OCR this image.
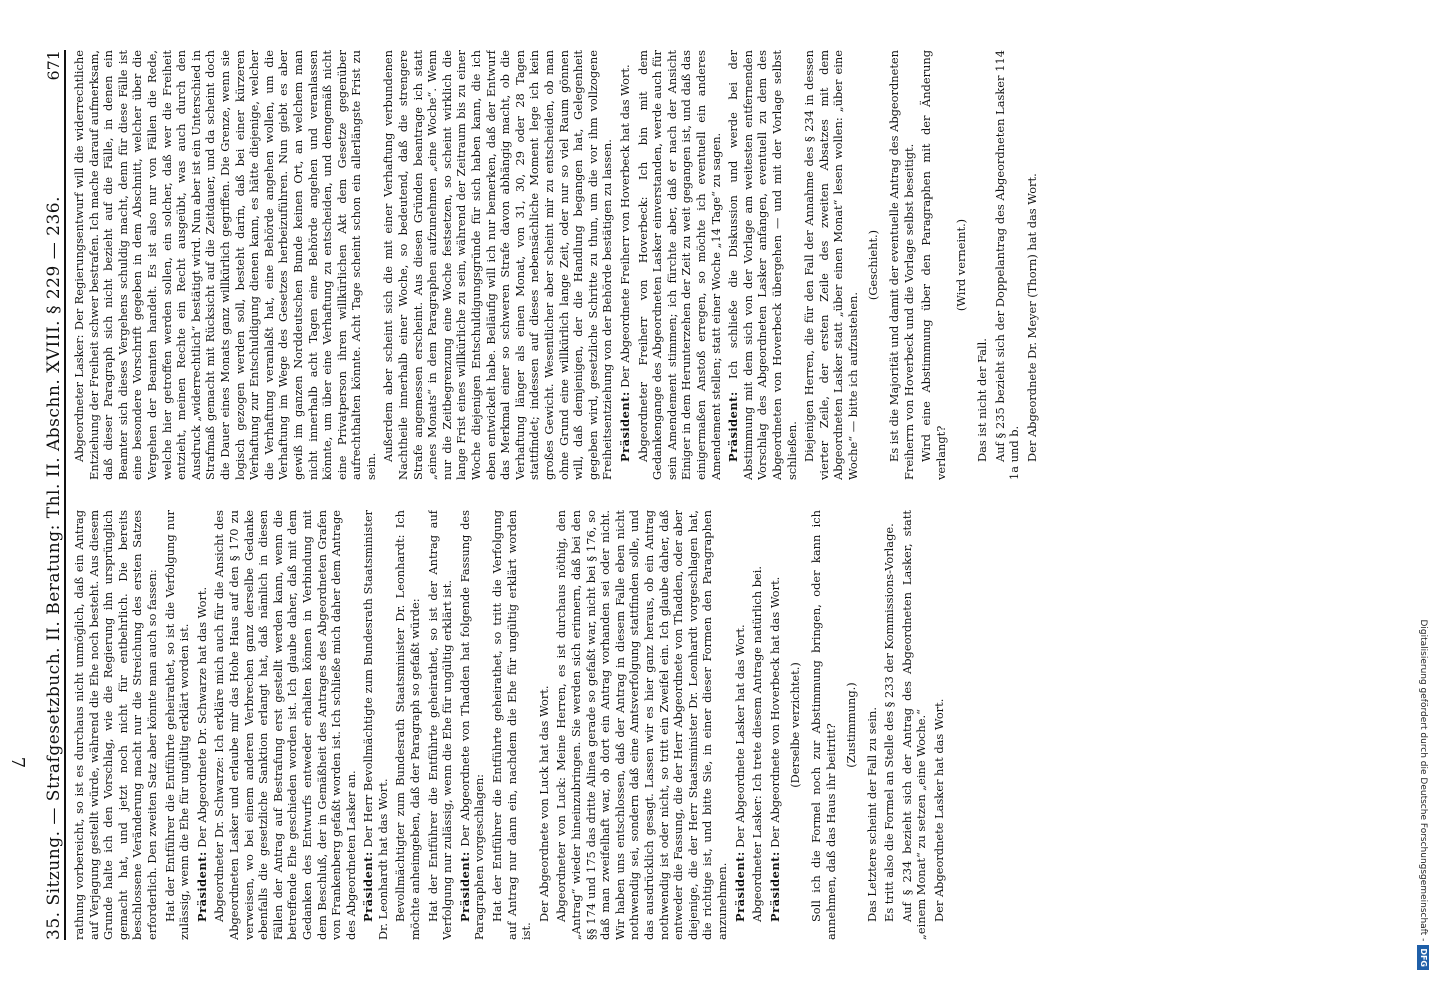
35. Sitzung. — Strafgesetzbuch. II. Beratung: Thl. II. Abschn. XVIII. § 229 — 236.
671

rathung vorbereicht, so ist es durchaus nicht unmöglich, daß ein Antrag auf Verjagung gestellt würde, während die Ehe noch besteht. Aus diesem Grunde halte ich den Vorschlag, wie die Regierung ihn ursprünglich gemacht hat, und jetzt noch nicht für entbehrlich. Die bereits beschlossene Veränderung macht nur die Streichung des ersten Satzes erforderlich. Den zweiten Satz aber könnte man auch so fassen: Hat der Entführer die Entführte geheirathet, so ist die Verfolgung nur zulässig, wenn die Ehe für ungültig erklärt worden ist. Präsident: Der Abgeordnete Dr. Schwarze hat das Wort. Abgeordneter Dr. Schwarze: Ich erkläre mich auch für die Ansicht des Abgeordneten Lasker und erlaube mir das Hohe Haus auf den § 170 zu verweisen, wo bei einem anderen Verbrechen ganz derselbe Gedanke ebenfalls die gesetzliche Sanktion erlangt hat, daß nämlich in diesen Fällen der Antrag auf Bestrafung erst gestellt werden kann, wenn die betreffende Ehe geschieden worden ist. Ich glaube daher, daß mit dem Gedanken des Entwurfs entweder erhalten können in Verbindung mit dem Beschluß, der in Gemäßheit des Antrages des Abgeordneten Grafen von Frankenberg gefaßt worden ist. Ich schließe mich daher dem Antrage des Abgeordneten Lasker an. Präsident: Der Herr Bevollmächtigte zum Bundesrath Staatsminister Dr. Leonhardt hat das Wort. Bevollmächtigter zum Bundesrath Staatsminister Dr. Leonhardt: Ich möchte anheimgeben, daß der Paragraph so gefaßt würde: Hat der Entführer die Entführte geheirathet, so ist der Antrag auf Verfolgung nur zulässig, wenn die Ehe für ungültig erklärt ist. Präsident: Der Abgeordnete von Thadden hat folgende Fassung des Paragraphen vorgeschlagen: Hat der Entführer die Entführte geheirathet, so tritt die Verfolgung auf Antrag nur dann ein, nachdem die Ehe für ungültig erklärt worden ist.

Der Abgeordnete von Luck hat das Wort. Abgeordneter von Luck: Meine Herren, es ist durchaus nöthig, den „Antrag“ wieder hineinzubringen. Sie werden sich erinnern, daß bei den §§ 174 und 175 das dritte Alinea gerade so gefaßt war, nicht bei § 176, so daß man zweifelhaft war, ob dort ein Antrag vorhanden sei oder nicht. Wir haben uns entschlossen, daß der Antrag in diesem Falle eben nicht nothwendig sei, sondern daß eine Amtsverfolgung stattfinden solle, und das ausdrücklich gesagt. Lassen wir es hier ganz heraus, ob ein Antrag nothwendig ist oder nicht, so tritt ein Zweifel ein. Ich glaube daher, daß entweder die Fassung, die der Herr Abgeordnete von Thadden, oder aber diejenige, die der Herr Staatsminister Dr. Leonhardt vorgeschlagen hat, die richtige ist, und bitte Sie, in einer dieser Formen den Paragraphen anzunehmen. Präsident: Der Abgeordnete Lasker hat das Wort. Abgeordneter Lasker: Ich trete diesem Antrage natürlich bei. Präsident: Der Abgeordnete von Hoverbeck hat das Wort. (Derselbe verzichtet.) Soll ich die Formel noch zur Abstimmung bringen, oder kann ich annehmen, daß das Haus ihr beitritt? (Zustimmung.) Das Letztere scheint der Fall zu sein. Es tritt also die Formel an Stelle des § 233 der Kommissions-Vorlage. Auf § 234 bezieht sich der Antrag des Abgeordneten Lasker, statt „einem Monat“ zu setzen „eine Woche.“ Der Abgeordnete Lasker hat das Wort.

Abgeordneter Lasker: Der Regierungsentwurf will die widerrechtliche Entziehung der Freiheit schwer bestrafen. Ich mache darauf aufmerksam, daß dieser Paragraph sich nicht bezieht auf die Fälle, in denen ein Beamter sich dieses Vergehens schuldig macht, denn für diese Fälle ist eine besondere Vorschrift gegeben in dem Abschnitt, welcher über die Vergehen der Beamten handelt. Es ist also nur von Fällen die Rede, welche hier getroffen werden sollen, ein solcher, daß wer die Freiheit entzieht, meinen Rechte ein Recht ausgeübt, was auch durch den Ausdruck „widerrechtlich“ bestätigt wird. Nun aber ist ein Unterschied in Strafmaß gemacht mit Rücksicht auf die Zeitdauer, und da scheint doch die Dauer eines Monats ganz willkürlich gegriffen. Die Grenze, wenn sie logisch gezogen werden soll, besteht darin, daß bei einer kürzeren Verhaftung zur Entschuldigung dienen kann, es hätte diejenige, welcher die Verhaftung veranlaßt hat, eine Behörde angehen wollen, um die Verhaftung im Wege des Gesetzes herbeizuführen. Nun giebt es aber gewiß im ganzen Norddeutschen Bunde keinen Ort, an welchem man nicht innerhalb acht Tagen eine Behörde angehen und veranlassen könnte, um über eine Verhaftung zu entscheiden, und demgemäß nicht eine Privatperson ihren willkürlichen Akt dem Gesetze gegenüber aufrechthalten könnte. Acht Tage scheint schon ein allerlängste Frist zu sein.

Außerdem aber scheint sich die mit einer Verhaftung verbundenen Nachtheile innerhalb einer Woche, so bedeutend, daß die strengere Strafe angemessen erscheint. Aus diesen Gründen beantrage ich statt „eines Monats“ in dem Paragraphen aufzunehmen „eine Woche“. Wenn nur die Zeitbegrenzung eine Woche festsetzen, so scheint wirklich die lange Frist eines willkürliche zu sein, während der Zeitraum bis zu einer Woche diejenigen Entschuldigungsgründe für sich haben kann, die ich eben entwickelt habe. Beiläufig will ich nur bemerken, daß der Entwurf das Merkmal einer so schweren Strafe davon abhängig macht, ob die Verhaftung länger als einen Monat, von 31, 30, 29 oder 28 Tagen stattfindet; indessen auf dieses nebensächliche Moment lege ich kein großes Gewicht. Wesentlicher aber scheint mir zu entscheiden, ob man ohne Grund eine willkürlich lange Zeit, oder nur so viel Raum gönnen will, daß demjenigen, der die Handlung begangen hat, Gelegenheit gegeben wird, gesetzliche Schritte zu thun, um die vor ihm vollzogene Freiheitsentziehung von der Behörde bestätigen zu lassen. Präsident: Der Abgeordnete Freiherr von Hoverbeck hat das Wort. Abgeordneter Freiherr von Hoverbeck: Ich bin mit dem Gedankengange des Abgeordneten Lasker einverstanden, werde auch für sein Amendement stimmen; ich fürchte aber, daß er nach der Ansicht Einiger in dem Herunterzehen der Zeit zu weit gegangen ist, und daß das einigermaßen Anstoß erregen, so möchte ich eventuell ein anderes Amendement stellen; statt einer Woche „14 Tage“ zu sagen. Präsident: Ich schließe die Diskussion und werde bei der Abstimmung mit dem sich von der Vorlage am weitesten entfernenden Vorschlag des Abgeordneten Lasker anfangen, eventuell zu dem des Abgeordneten von Hoverbeck übergehen — und mit der Vorlage selbst schließen. Diejenigen Herren, die für den Fall der Annahme des § 234 in dessen vierter Zeile, der ersten Zeile des zweiten Absatzes mit dem Abgeordneten Lasker statt „über einen Monat“ lesen wollen: „über eine Woche“ — bitte ich aufzustehen.

(Geschieht.) Es ist die Majorität und damit der eventuelle Antrag des Abgeordneten Freiherrn von Hoverbeck und die Vorlage selbst beseitigt. Wird eine Abstimmung über den Paragraphen mit der Änderung verlangt?

(Wird verneint.)

Das ist nicht der Fall. Auf § 235 bezieht sich der Doppelantrag des Abgeordneten Lasker 114 1a und b. Der Abgeordnete Dr. Meyer (Thorn) hat das Wort.

7	Digitalisierung gefördert durch die Deutsche Forschungsgemeinschaft -
DFG
